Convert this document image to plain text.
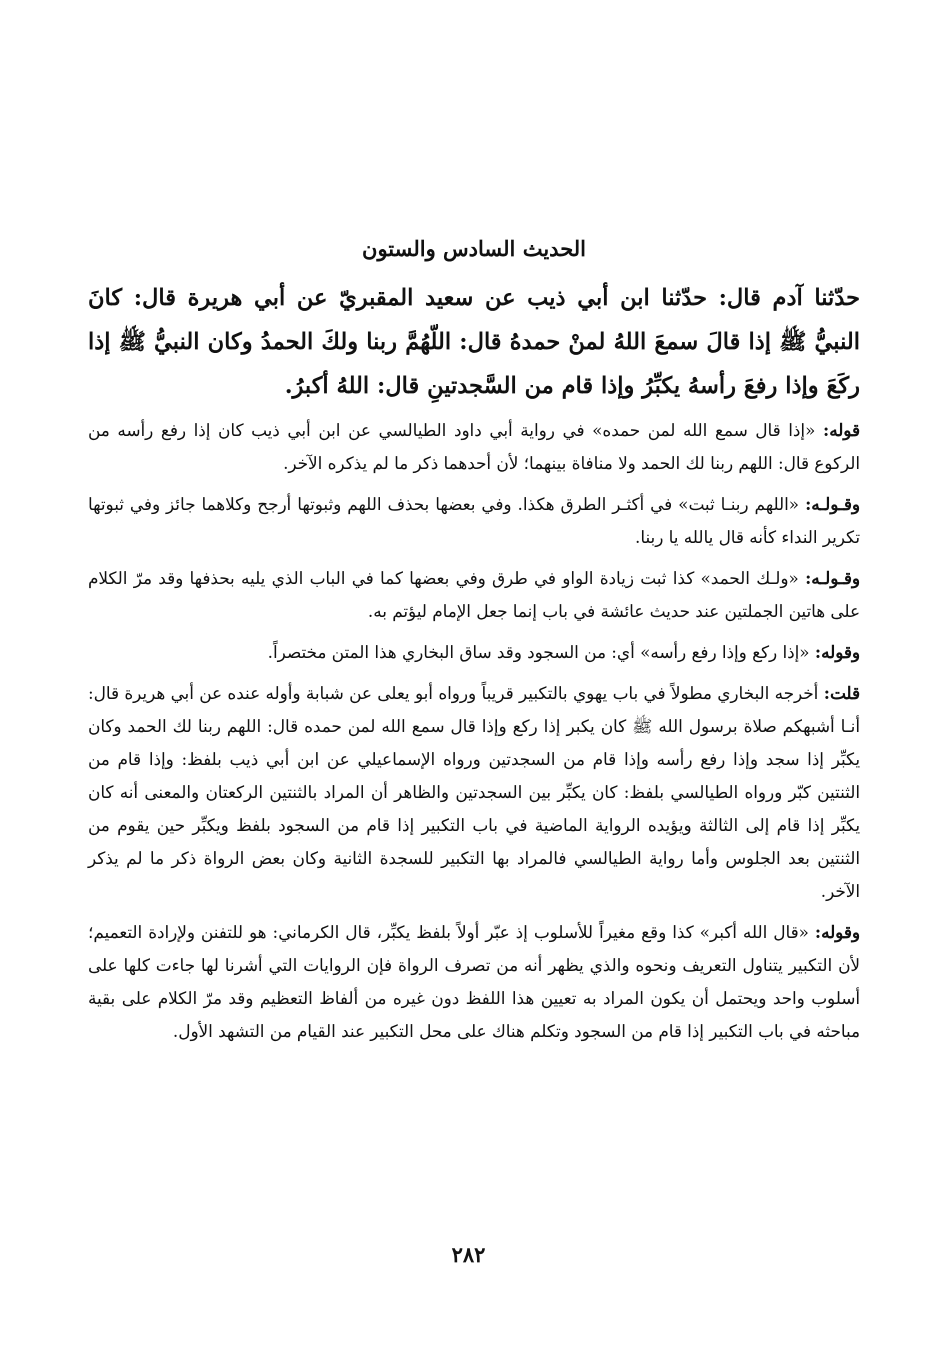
الحديث السادس والستون

حدّثنا آدم قال: حدّثنا ابن أبي ذيب عن سعيد المقبريّ عن أبي هريرة قال: كانَ النبيُّ ﷺ إذا قالَ سمعَ اللهُ لمنْ حمدهُ قال: اللّهُمَّ ربنا ولكَ الحمدُ وكان النبيُّ ﷺ إذا ركَعَ وإذا رفعَ رأسهُ يكبِّرُ وإذا قام من السَّجدتينِ قال: اللهُ أكبرُ.

قوله: «إذا قال سمع الله لمن حمده» في رواية أبي داود الطيالسي عن ابن أبي ذيب كان إذا رفع رأسه من الركوع قال: اللهم ربنا لك الحمد ولا منافاة بينهما؛ لأن أحدهما ذكر ما لم يذكره الآخر.

وقـولـه: «اللهم ربنـا ثبت» في أكثـر الطرق هكذا. وفي بعضها بحذف اللهم وثبوتها أرجح وكلاهما جائز وفي ثبوتها تكرير النداء كأنه قال يالله يا ربنا.

وقـولـه: «ولـك الحمد» كذا ثبت زيادة الواو في طرق وفي بعضها كما في الباب الذي يليه بحذفها وقد مرّ الكلام على هاتين الجملتين عند حديث عائشة في باب إنما جعل الإمام ليؤتم به.

وقوله: «إذا ركع وإذا رفع رأسه» أي: من السجود وقد ساق البخاري هذا المتن مختصراً.

قلت: أخرجه البخاري مطولاً في باب يهوي بالتكبير قريباً ورواه أبو يعلى عن شبابة وأوله عنده عن أبي هريرة قال: أنـا أشبهكم صلاة برسول الله ﷺ كان يكبر إذا ركع وإذا قال سمع الله لمن حمده قال: اللهم ربنا لك الحمد وكان يكبِّر إذا سجد وإذا رفع رأسه وإذا قام من السجدتين ورواه الإسماعيلي عن ابن أبي ذيب بلفظ: وإذا قام من الثنتين كبّر ورواه الطيالسي بلفظ: كان يكبِّر بين السجدتين والظاهر أن المراد بالثنتين الركعتان والمعنى أنه كان يكبِّر إذا قام إلى الثالثة ويؤيده الرواية الماضية في باب التكبير إذا قام من السجود بلفظ ويكبِّر حين يقوم من الثنتين بعد الجلوس وأما رواية الطيالسي فالمراد بها التكبير للسجدة الثانية وكان بعض الرواة ذكر ما لم يذكر الآخر.

وقوله: «قال الله أكبر» كذا وقع مغيراً للأسلوب إذ عبّر أولاً بلفظ يكبِّر، قال الكرماني: هو للتفنن ولإرادة التعميم؛ لأن التكبير يتناول التعريف ونحوه والذي يظهر أنه من تصرف الرواة فإن الروايات التي أشرنا لها جاءت كلها على أسلوب واحد ويحتمل أن يكون المراد به تعيين هذا اللفظ دون غيره من ألفاظ التعظيم وقد مرّ الكلام على بقية مباحثه في باب التكبير إذا قام من السجود وتكلم هناك على محل التكبير عند القيام من التشهد الأول.

٢٨٢
